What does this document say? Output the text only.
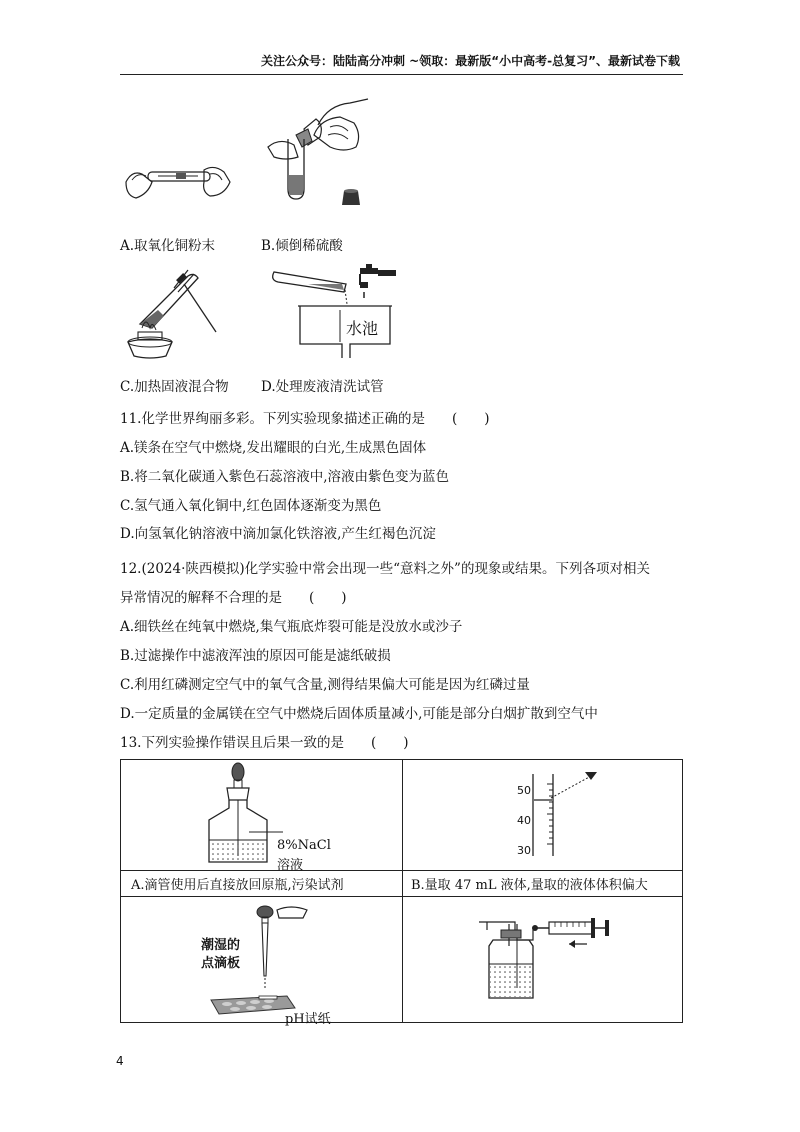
关注公众号：陆陆高分冲刺 ~领取：最新版“小中高考-总复习”、最新试卷下载
A.取氧化铜粉末	B.倾倒稀硫酸
水池
C.加热固液混合物 D.处理废液清洗试管
11.化学世界绚丽多彩。下列实验现象描述正确的是　　(　　)
A.镁条在空气中燃烧,发出耀眼的白光,生成黑色固体
B.将二氧化碳通入紫色石蕊溶液中,溶液由紫色变为蓝色
C.氢气通入氧化铜中,红色固体逐渐变为黑色
D.向氢氧化钠溶液中滴加氯化铁溶液,产生红褐色沉淀
12.(2024·陕西模拟)化学实验中常会出现一些“意料之外”的现象或结果。下列各项对相关
异常情况的解释不合理的是　　(　　)
A.细铁丝在纯氧中燃烧,集气瓶底炸裂可能是没放水或沙子
B.过滤操作中滤液浑浊的原因可能是滤纸破损
C.利用红磷测定空气中的氧气含量,测得结果偏大可能是因为红磷过量
D.一定质量的金属镁在空气中燃烧后固体质量减小,可能是部分白烟扩散到空气中
13.下列实验操作错误且后果一致的是　　(　　)
8%NaCl
溶液
50
40
30
A.滴管使用后直接放回原瓶,污染试剂	B.量取 47 mL 液体,量取的液体体积偏大
潮湿的
点滴板
pH试纸
4
